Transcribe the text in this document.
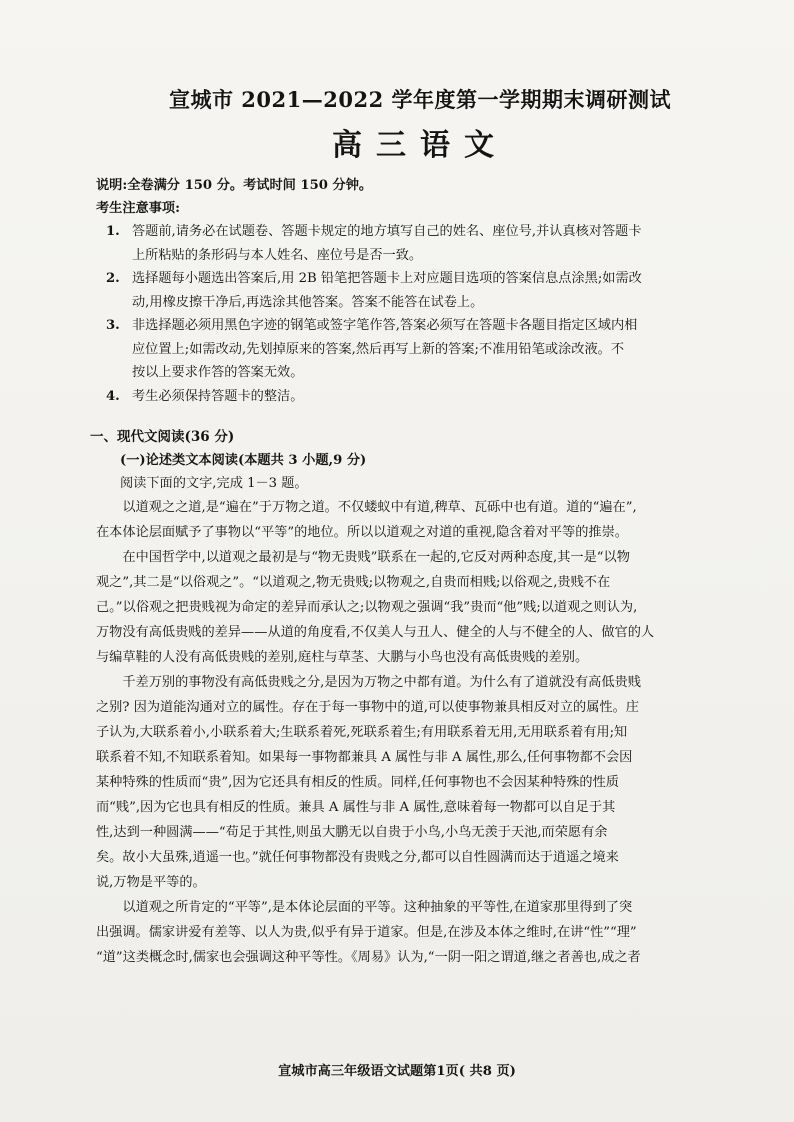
宣城市 2021—2022 学年度第一学期期末调研测试
高三语文
说明:全卷满分 150 分。考试时间 150 分钟。
考生注意事项:
1. 答题前,请务必在试题卷、答题卡规定的地方填写自己的姓名、座位号,并认真核对答题卡
上所粘贴的条形码与本人姓名、座位号是否一致。
2. 选择题每小题选出答案后,用 2B 铅笔把答题卡上对应题目选项的答案信息点涂黑;如需改
动,用橡皮擦干净后,再选涂其他答案。答案不能答在试卷上。
3. 非选择题必须用黑色字迹的钢笔或签字笔作答,答案必须写在答题卡各题目指定区域内相
应位置上;如需改动,先划掉原来的答案,然后再写上新的答案;不准用铅笔或涂改液。不
按以上要求作答的答案无效。
4. 考生必须保持答题卡的整洁。
一、现代文阅读(36 分)
(一)论述类文本阅读(本题共 3 小题,9 分)
阅读下面的文字,完成 1－3 题。
　　以道观之之道,是“遍在”于万物之道。不仅蝼蚁中有道,稗草、瓦砾中也有道。道的“遍在”,
在本体论层面赋予了事物以“平等”的地位。所以以道观之对道的重视,隐含着对平等的推崇。
　　在中国哲学中,以道观之最初是与“物无贵贱”联系在一起的,它反对两种态度,其一是“以物
观之”,其二是“以俗观之”。“以道观之,物无贵贱;以物观之,自贵而相贱;以俗观之,贵贱不在
己。”以俗观之把贵贱视为命定的差异而承认之;以物观之强调“我”贵而“他”贱;以道观之则认为,
万物没有高低贵贱的差异——从道的角度看,不仅美人与丑人、健全的人与不健全的人、做官的人
与编草鞋的人没有高低贵贱的差别,庭柱与草茎、大鹏与小鸟也没有高低贵贱的差别。
　　千差万别的事物没有高低贵贱之分,是因为万物之中都有道。为什么有了道就没有高低贵贱
之别? 因为道能沟通对立的属性。存在于每一事物中的道,可以使事物兼具相反对立的属性。庄
子认为,大联系着小,小联系着大;生联系着死,死联系着生;有用联系着无用,无用联系着有用;知
联系着不知,不知联系着知。如果每一事物都兼具 A 属性与非 A 属性,那么,任何事物都不会因
某种特殊的性质而“贵”,因为它还具有相反的性质。同样,任何事物也不会因某种特殊的性质
而“贱”,因为它也具有相反的性质。兼具 A 属性与非 A 属性,意味着每一物都可以自足于其
性,达到一种圆满——“苟足于其性,则虽大鹏无以自贵于小鸟,小鸟无羡于天池,而荣愿有余
矣。故小大虽殊,逍遥一也。”就任何事物都没有贵贱之分,都可以自性圆满而达于逍遥之境来
说,万物是平等的。
　　以道观之所肯定的“平等”,是本体论层面的平等。这种抽象的平等性,在道家那里得到了突
出强调。儒家讲爱有差等、以人为贵,似乎有异于道家。但是,在涉及本体之维时,在讲“性”“理”
“道”这类概念时,儒家也会强调这种平等性。《周易》认为,“一阴一阳之谓道,继之者善也,成之者
宣城市高三年级语文试题第1页( 共8 页)
